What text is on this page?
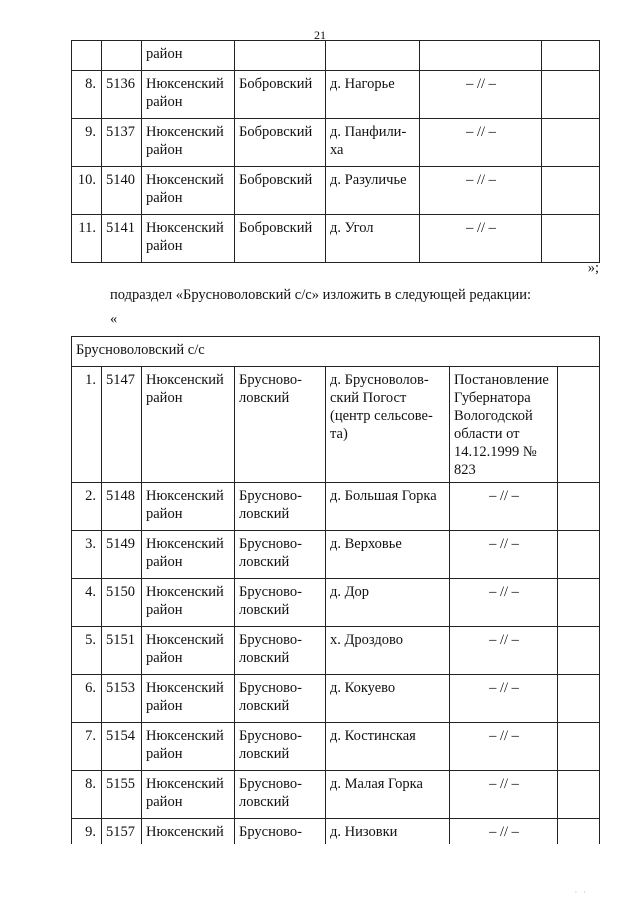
21
		район				
8.	5136	Нюксенский район	Бобровский	д. Нагорье	– // –	
9.	5137	Нюксенский район	Бобровский	д. Панфили-ха	– // –	
10.	5140	Нюксенский район	Бобровский	д. Разуличье	– // –	
11.	5141	Нюксенский район	Бобровский	д. Угол	– // –	
»;
подраздел «Брусноволовский с/с» изложить в следующей редакции:
«
Брусноволовский с/с						
1.	5147	Нюксенский район	Брусново-ловский	д. Брусноволов-ский Погост (центр сельсове-та)	Постановление Губернатора Вологодской области от 14.12.1999 № 823	
2.	5148	Нюксенский район	Брусново-ловский	д. Большая Горка	– // –	
3.	5149	Нюксенский район	Брусново-ловский	д. Верховье	– // –	
4.	5150	Нюксенский район	Брусново-ловский	д. Дор	– // –	
5.	5151	Нюксенский район	Брусново-ловский	х. Дроздово	– // –	
6.	5153	Нюксенский район	Брусново-ловский	д. Кокуево	– // –	
7.	5154	Нюксенский район	Брусново-ловский	д. Костинская	– // –	
8.	5155	Нюксенский район	Брусново-ловский	д. Малая Горка	– // –	
9.	5157	Нюксенский	Брусново-	д. Низовки	– // –	
· ·
